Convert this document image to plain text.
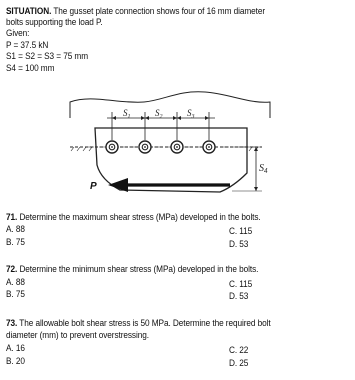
SITUATION. The gusset plate connection shows four of 16 mm diameter
bolts supporting the load P.
Given:
P = 37.5 kN
S1 = S2 = S3 = 75 mm
S4 = 100 mm
$S_1$	$S_2$	$S_3$
$S_4$
P
71. Determine the maximum shear stress (MPa) developed in the bolts.
A. 88	C. 115
B. 75	D. 53
72. Determine the minimum shear stress (MPa) developed in the bolts.
A. 88	C. 115
B. 75	D. 53
73. The allowable bolt shear stress is 50 MPa. Determine the required bolt
diameter (mm) to prevent overstressing.
A. 16	C. 22
B. 20	D. 25
